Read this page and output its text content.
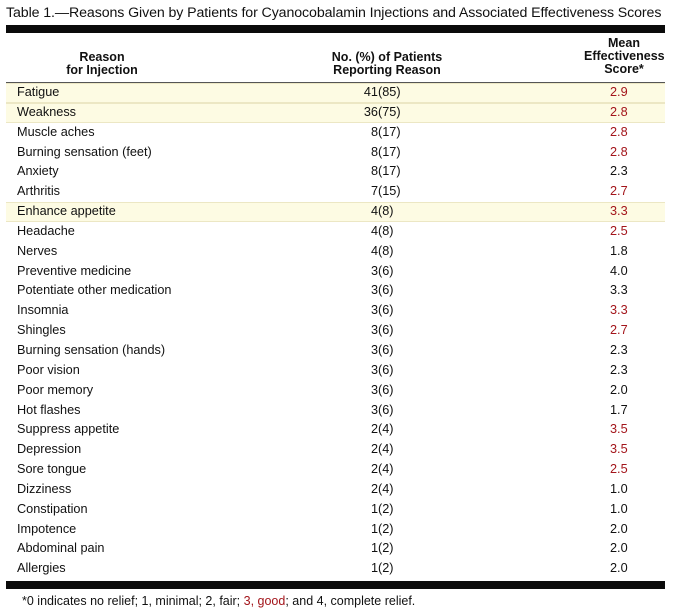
Table 1.—Reasons Given by Patients for Cyanocobalamin Injections and Associated Effectiveness Scores
Reason
for Injection
No. (%) of Patients
Reporting Reason
Mean
Effectiveness
Score*
Fatigue	41 (85)	2.9
Weakness	36 (75)	2.8
Muscle aches	8 (17)	2.8
Burning sensation (feet)	8 (17)	2.8
Anxiety	8 (17)	2.3
Arthritis	7 (15)	2.7
Enhance appetite	4 (8)	3.3
Headache	4 (8)	2.5
Nerves	4 (8)	1.8
Preventive medicine	3 (6)	4.0
Potentiate other medication	3 (6)	3.3
Insomnia	3 (6)	3.3
Shingles	3 (6)	2.7
Burning sensation (hands)	3 (6)	2.3
Poor vision	3 (6)	2.3
Poor memory	3 (6)	2.0
Hot flashes	3 (6)	1.7
Suppress appetite	2 (4)	3.5
Depression	2 (4)	3.5
Sore tongue	2 (4)	2.5
Dizziness	2 (4)	1.0
Constipation	1 (2)	1.0
Impotence	1 (2)	2.0
Abdominal pain	1 (2)	2.0
Allergies	1 (2)	2.0
*0 indicates no relief; 1, minimal; 2, fair; 3, good; and 4, complete relief.
